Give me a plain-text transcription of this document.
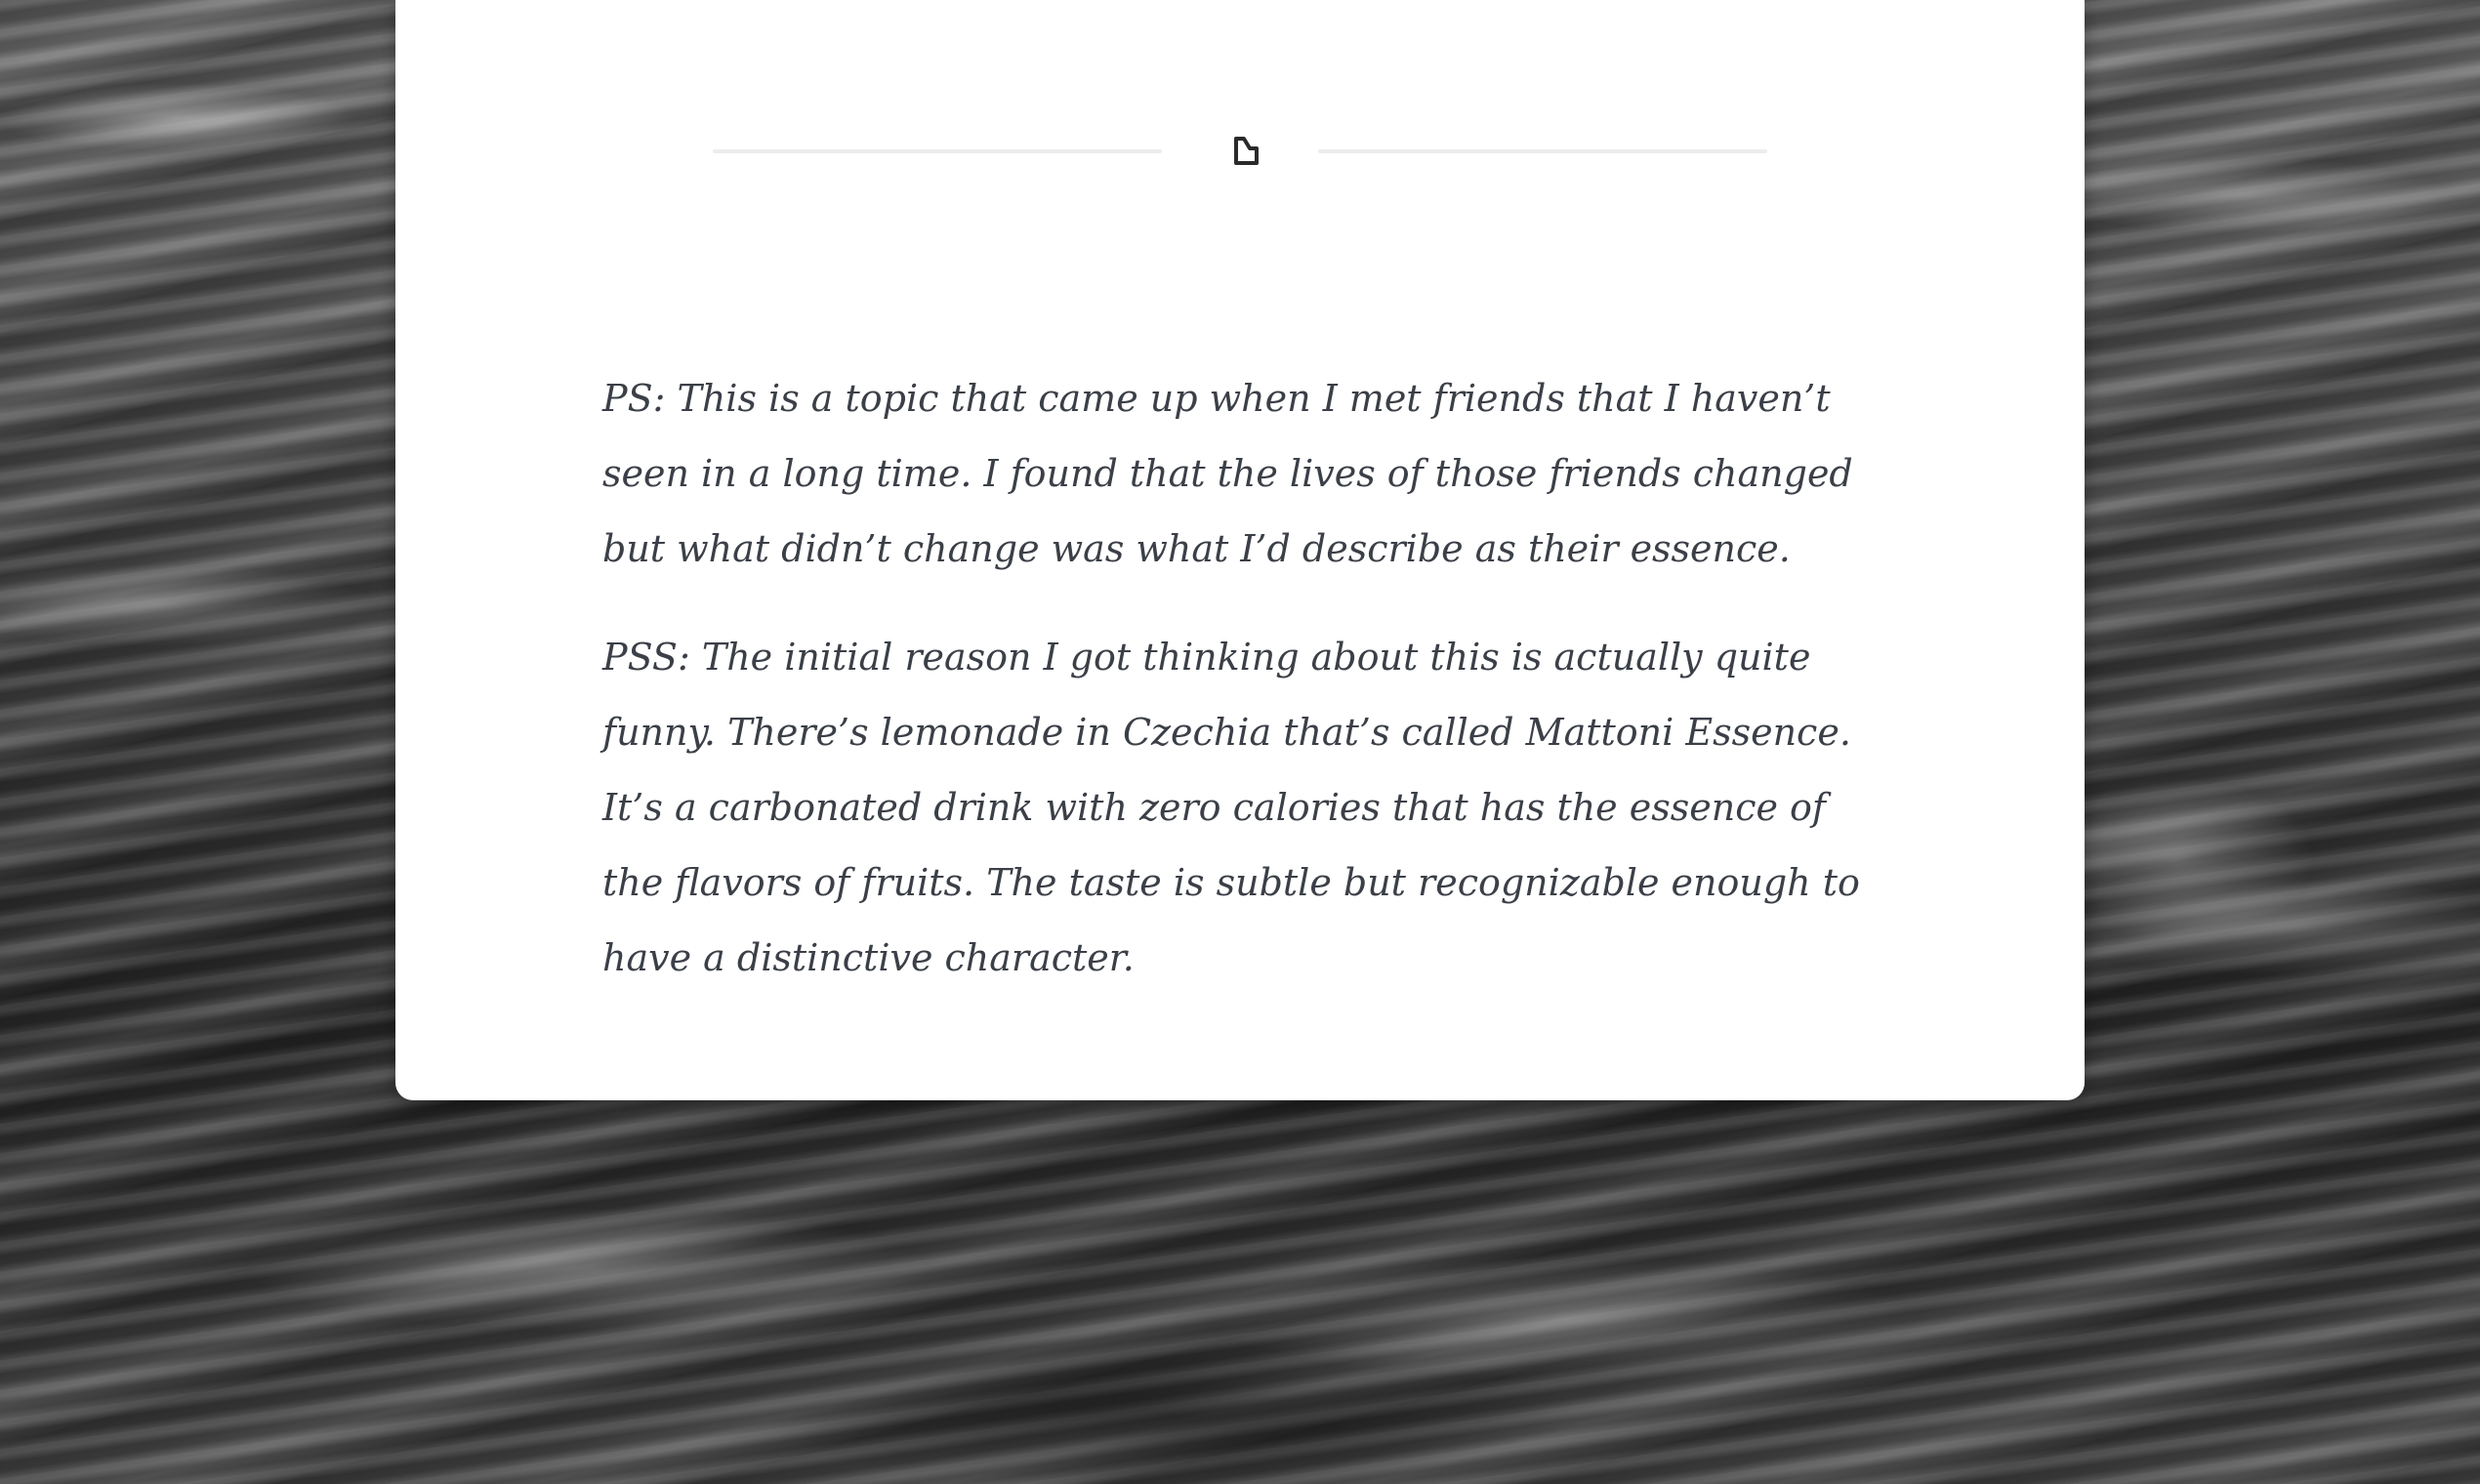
PS: This is a topic that came up when I met friends that I haven’t seen in a long time. I found that the lives of those friends changed but what didn’t change was what I’d describe as their essence.

PSS: The initial reason I got thinking about this is actually quite funny. There’s lemonade in Czechia that’s called Mattoni Essence. It’s a carbonated drink with zero calories that has the essence of the flavors of fruits. The taste is subtle but recognizable enough to have a distinctive character.
